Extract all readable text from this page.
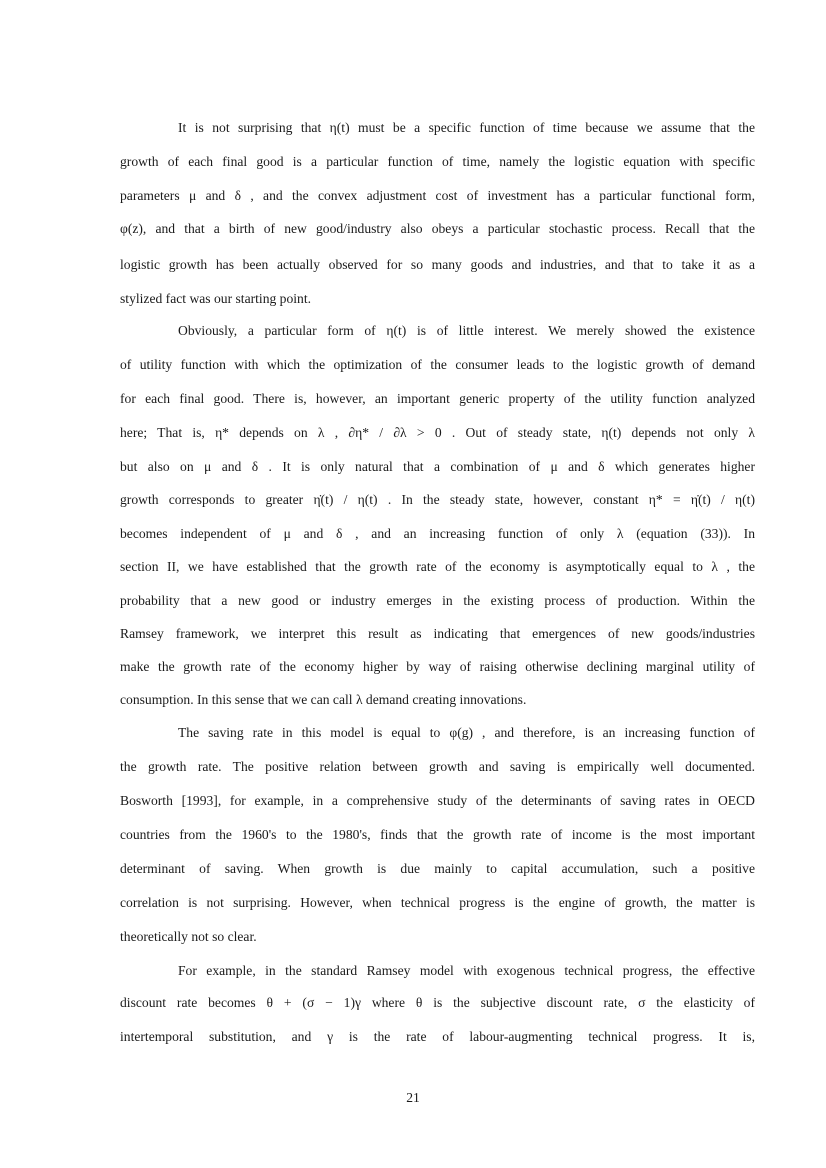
It is not surprising that η(t) must be a specific function of time because we assume that the
growth of each final good is a particular function of time, namely the logistic equation with specific
parameters μ and δ , and the convex adjustment cost of investment has a particular functional form,
φ(z), and that a birth of new good/industry also obeys a particular stochastic process. Recall that the
logistic growth has been actually observed for so many goods and industries, and that to take it as a
stylized fact was our starting point.
Obviously, a particular form of η(t) is of little interest. We merely showed the existence
of utility function with which the optimization of the consumer leads to the logistic growth of demand
for each final good. There is, however, an important generic property of the utility function analyzed
here; That is, η* depends on λ , ∂η* / ∂λ > 0 . Out of steady state, η(t) depends not only λ
but also on μ and δ . It is only natural that a combination of μ and δ which generates higher
growth corresponds to greater η̇(t) / η(t) . In the steady state, however, constant η* = η̇(t) / η(t)
becomes independent of μ and δ , and an increasing function of only λ (equation (33)). In
section II, we have established that the growth rate of the economy is asymptotically equal to λ , the
probability that a new good or industry emerges in the existing process of production. Within the
Ramsey framework, we interpret this result as indicating that emergences of new goods/industries
make the growth rate of the economy higher by way of raising otherwise declining marginal utility of
consumption. In this sense that we can call λ demand creating innovations.
The saving rate in this model is equal to φ(g) , and therefore, is an increasing function of
the growth rate. The positive relation between growth and saving is empirically well documented.
Bosworth [1993], for example, in a comprehensive study of the determinants of saving rates in OECD
countries from the 1960's to the 1980's, finds that the growth rate of income is the most important
determinant of saving. When growth is due mainly to capital accumulation, such a positive
correlation is not surprising. However, when technical progress is the engine of growth, the matter is
theoretically not so clear.
For example, in the standard Ramsey model with exogenous technical progress, the effective
discount rate becomes θ + (σ − 1)γ where θ is the subjective discount rate, σ the elasticity of
intertemporal substitution, and γ is the rate of labour-augmenting technical progress. It is,
21
